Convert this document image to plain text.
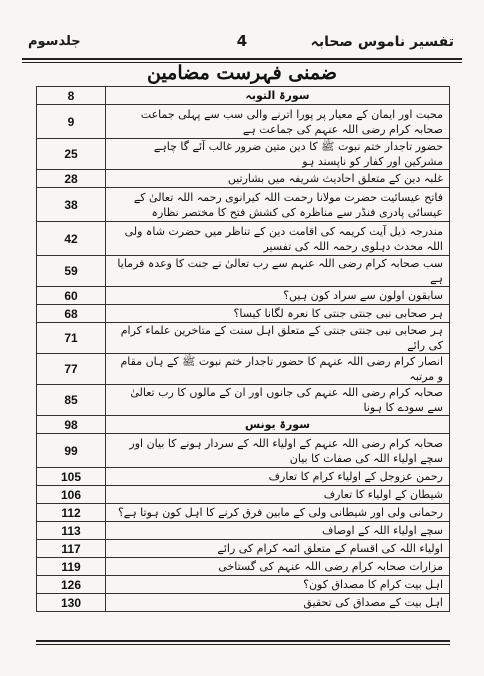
تفسیر ناموس صحابہ
4
جلدسوم
ضمنی فہرست مضامین
8	سورۃ التوبہ
9	محبت اور ایمان کے معیار پر پورا اترنے والی سب سے پہلی جماعت صحابہ کرام رضی اللہ عنہم کی جماعت ہے
25	حضور تاجدار ختم نبوت ﷺ کا دین متین ضرور غالب آئے گا چاہے مشرکین اور کفار کو ناپسند ہو
28	غلبہ دین کے متعلق احادیث شریفہ میں بشارتیں
38	فاتح عیسائیت حضرت مولانا رحمت اللہ کیرانوی رحمہ اللہ تعالیٰ کے عیسائی پادری فنڈر سے مناظرہ کی کشش فتح کا مختصر نظارہ
42	مندرجہ ذیل آیت کریمہ کی اقامت دین کے تناظر میں حضرت شاہ ولی اللہ محدث دہلوی رحمہ اللہ کی تفسیر
59	سب صحابہ کرام رضی اللہ عنہم سے رب تعالیٰ نے جنت کا وعدہ فرمایا ہے
60	سابقون اولون سے سراد کون ہیں؟
68	ہر صحابی نبی جنتی جنتی کا نعرہ لگانا کیسا؟
71	ہر صحابی نبی جنتی جنتی کے متعلق اہل سنت کے متاخرین علماء کرام کی رائے
77	انصار کرام رضی اللہ عنہم کا حضور تاجدار ختم نبوت ﷺ کے ہاں مقام و مرتبہ
85	صحابہ کرام رضی اللہ عنہم کی جانوں اور ان کے مالوں کا رب تعالیٰ سے سودے کا ہونا
98	سورۃ یونس
99	صحابہ کرام رضی اللہ عنہم کے اولیاء اللہ کے سردار ہونے کا بیان اور سچے اولیاء اللہ کی صفات کا بیان
105	رحمن عزوجل کے اولیاء کرام کا تعارف
106	شیطان کے اولیاء کا تعارف
112	رحمانی ولی اور شیطانی ولی کے مابین فرق کرنے کا اہل کون ہوتا ہے؟
113	سچے اولیاء اللہ کے اوصاف
117	اولیاء اللہ کی اقسام کے متعلق ائمہ کرام کی رائے
119	مزارات صحابہ کرام رضی اللہ عنہم کی گستاخی
126	اہل بیت کرام کا مصداق کون؟
130	اہل بیت کے مصداق کی تحقیق
